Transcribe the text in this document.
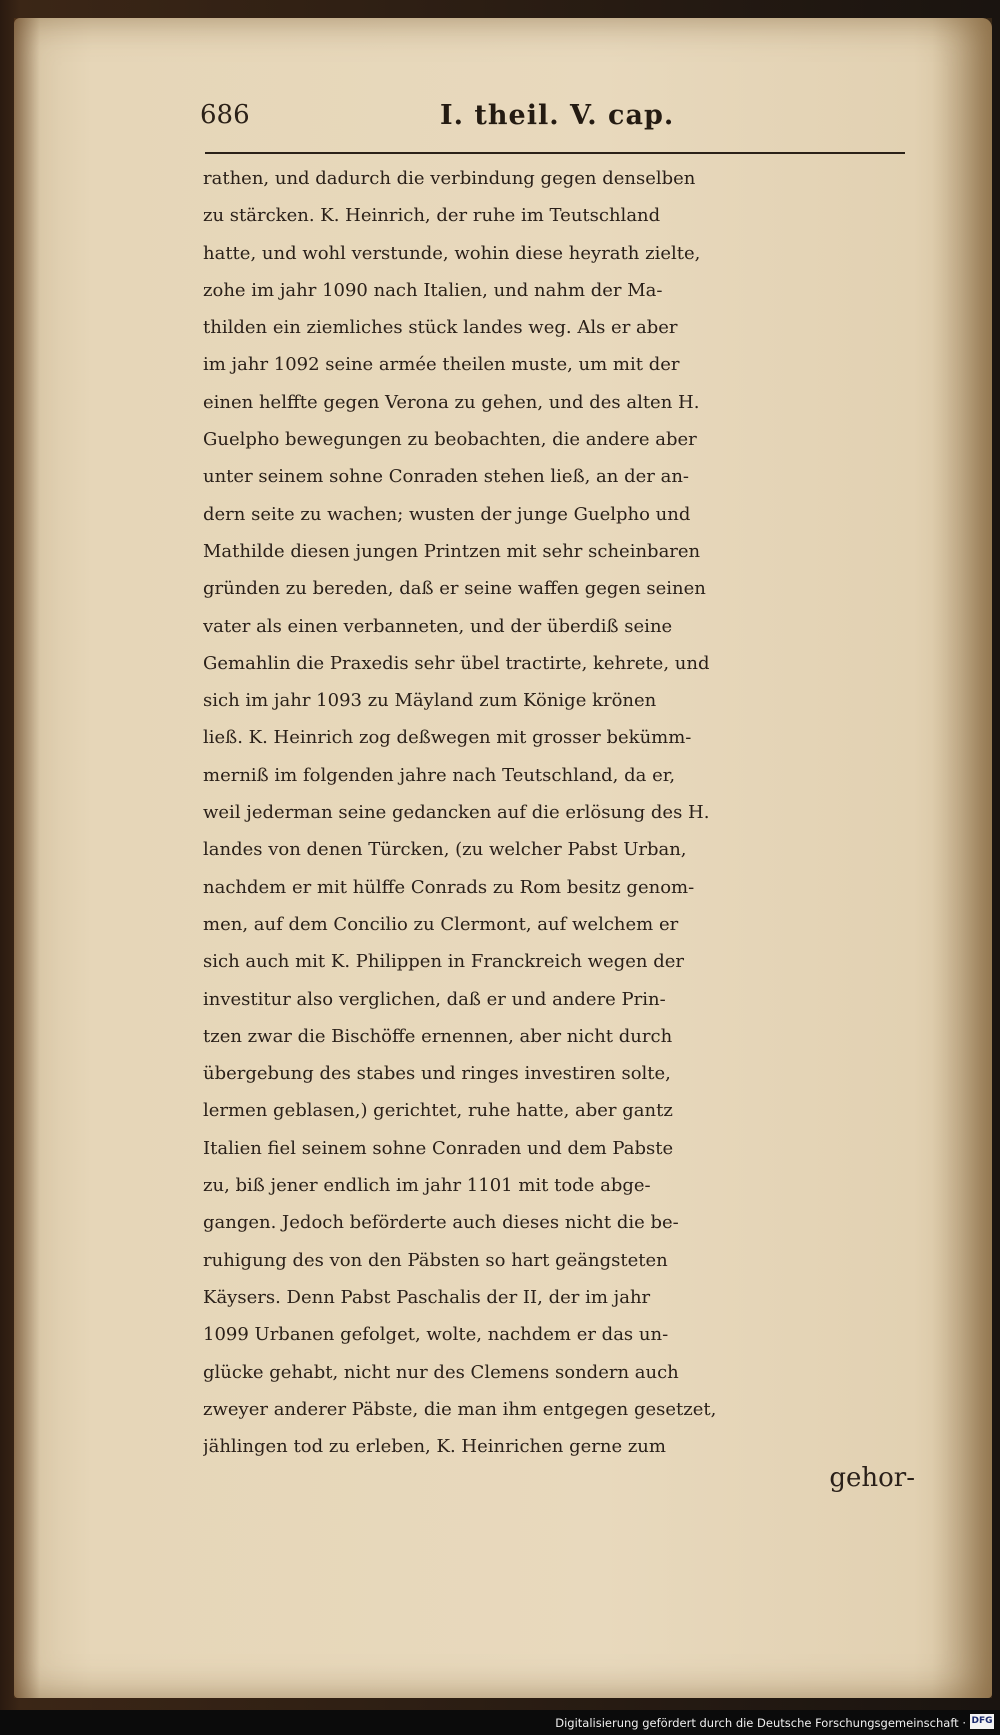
686	I. theil. V. cap.
rathen, und dadurch die verbindung gegen denselben
zu stärcken. K. Heinrich, der ruhe im Teutschland
hatte, und wohl verstunde, wohin diese heyrath zielte,
zohe im jahr 1090 nach Italien, und nahm der Ma-
thilden ein ziemliches stück landes weg. Als er aber
im jahr 1092 seine armée theilen muste, um mit der
einen helffte gegen Verona zu gehen, und des alten H.
Guelpho bewegungen zu beobachten, die andere aber
unter seinem sohne Conraden stehen ließ, an der an-
dern seite zu wachen; wusten der junge Guelpho und
Mathilde diesen jungen Printzen mit sehr scheinbaren
gründen zu bereden, daß er seine waffen gegen seinen
vater als einen verbanneten, und der überdiß seine
Gemahlin die Praxedis sehr übel tractirte, kehrete, und
sich im jahr 1093 zu Mäyland zum Könige krönen
ließ. K. Heinrich zog deßwegen mit grosser bekümm-
merniß im folgenden jahre nach Teutschland, da er,
weil jederman seine gedancken auf die erlösung des H.
landes von denen Türcken, (zu welcher Pabst Urban,
nachdem er mit hülffe Conrads zu Rom besitz genom-
men, auf dem Concilio zu Clermont, auf welchem er
sich auch mit K. Philippen in Franckreich wegen der
investitur also verglichen, daß er und andere Prin-
tzen zwar die Bischöffe ernennen, aber nicht durch
übergebung des stabes und ringes investiren solte,
lermen geblasen,) gerichtet, ruhe hatte, aber gantz
Italien fiel seinem sohne Conraden und dem Pabste
zu, biß jener endlich im jahr 1101 mit tode abge-
gangen. Jedoch beförderte auch dieses nicht die be-
ruhigung des von den Päbsten so hart geängsteten
Käysers. Denn Pabst Paschalis der II, der im jahr
1099 Urbanen gefolget, wolte, nachdem er das un-
glücke gehabt, nicht nur des Clemens sondern auch
zweyer anderer Päbste, die man ihm entgegen gesetzet,
jählingen tod zu erleben, K. Heinrichen gerne zum
gehor-
Digitalisierung gefördert durch die Deutsche Forschungsgemeinschaft · DFG
